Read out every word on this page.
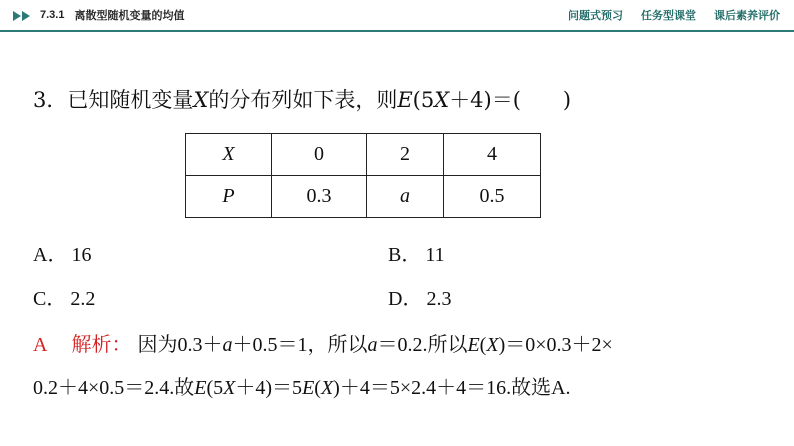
7.3.1 离散型随机变量的均值	问题式预习 任务型课堂 课后素养评价
3．已知随机变量X的分布列如下表，则E(5X＋4)＝(　　)
X	0	2	4
P	0.3	a	0.5
A． 16	B． 11
C． 2.2	D． 2.3
A 解析： 因为0.3＋a＋0.5＝1，所以a＝0.2.所以E(X)＝0×0.3＋2×
0.2＋4×0.5＝2.4.故E(5X＋4)＝5E(X)＋4＝5×2.4＋4＝16.故选A.
